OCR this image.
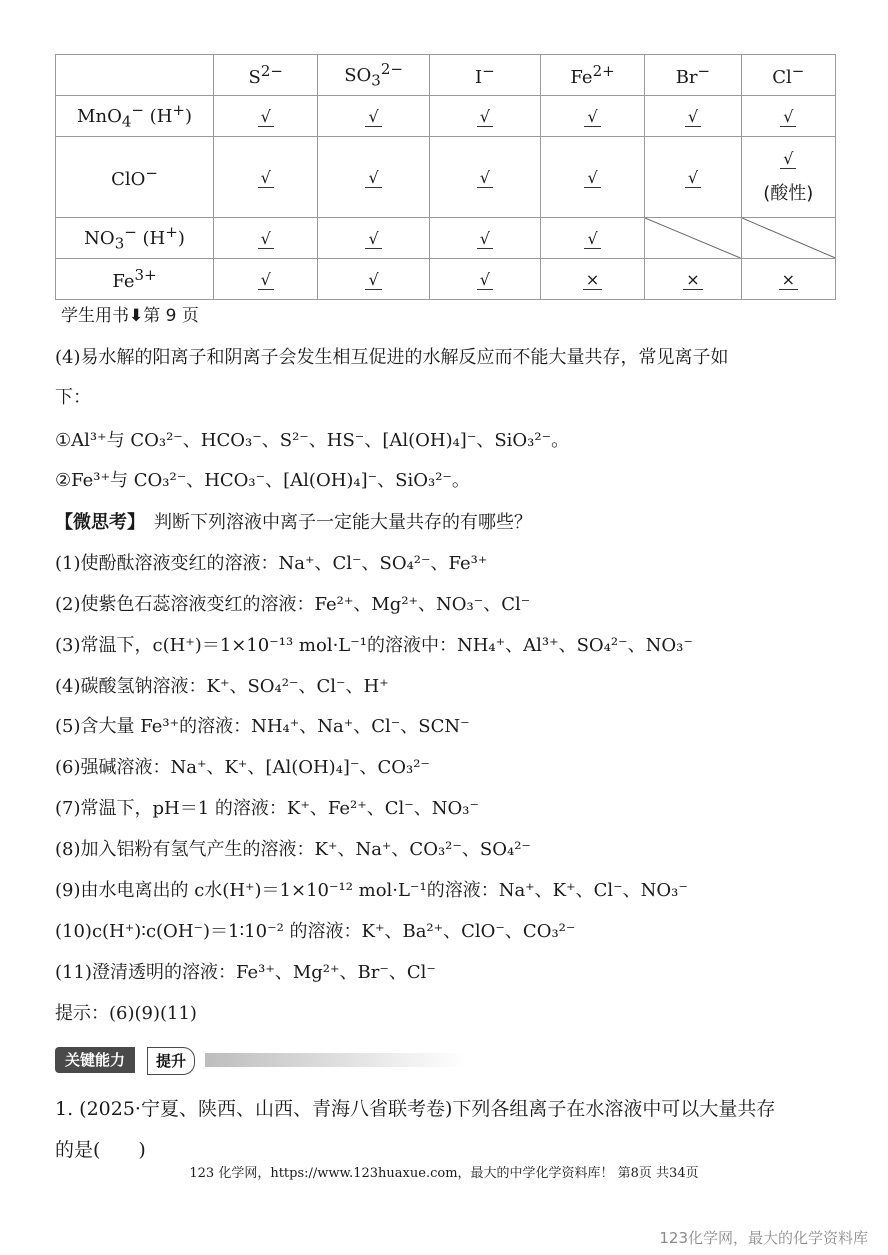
	$S^{2-}$	$SO_3^{2-}$	I−	$Fe^{2+}$	Br−	Cl−
MnO$_4$− (H+)	√	√	√	√	√	√
ClO−	√	√	√	√	√	√
(酸性)

$NO_3^-$ (H+)	√	√	√	√	

$Fe^{3+}$	√	√	√	×	×	×
学生用书⬇第 9 页
(4)易水解的阳离子和阴离子会发生相互促进的水解反应而不能大量共存，常见离子如
下：
①Al³⁺与 CO₃²⁻、HCO₃⁻、S²⁻、HS⁻、[Al(OH)₄]⁻、SiO₃²⁻。
②Fe³⁺与 CO₃²⁻、HCO₃⁻、[Al(OH)₄]⁻、SiO₃²⁻。
【微思考】　 判断下列溶液中离子一定能大量共存的有哪些？
(1)使酚酞溶液变红的溶液：Na⁺、Cl⁻、SO₄²⁻、Fe³⁺
(2)使紫色石蕊溶液变红的溶液：Fe²⁺、Mg²⁺、NO₃⁻、Cl⁻
(3)常温下，c(H⁺)＝1×10⁻¹³ mol·L⁻¹的溶液中：NH₄⁺、Al³⁺、SO₄²⁻、NO₃⁻
(4)碳酸氢钠溶液：K⁺、SO₄²⁻、Cl⁻、H⁺
(5)含大量 Fe³⁺的溶液：NH₄⁺、Na⁺、Cl⁻、SCN⁻
(6)强碱溶液：Na⁺、K⁺、[Al(OH)₄]⁻、CO₃²⁻
(7)常温下，pH＝1 的溶液：K⁺、Fe²⁺、Cl⁻、NO₃⁻
(8)加入铝粉有氢气产生的溶液：K⁺、Na⁺、CO₃²⁻、SO₄²⁻
(9)由水电离出的 c水(H⁺)＝1×10⁻¹² mol·L⁻¹的溶液：Na⁺、K⁺、Cl⁻、NO₃⁻
(10)c(H⁺)∶c(OH⁻)＝1∶10⁻² 的溶液：K⁺、Ba²⁺、ClO⁻、CO₃²⁻
(11)澄清透明的溶液：Fe³⁺、Mg²⁺、Br⁻、Cl⁻
提示：(6)(9)(11)
关键能力	提升
1. (2025·宁夏、陕西、山西、青海八省联考卷)下列各组离子在水溶液中可以大量共存
的是(　　)
123 化学网，https://www.123huaxue.com，最大的中学化学资料库！ 第8页 共34页
123化学网，最大的化学资料库
